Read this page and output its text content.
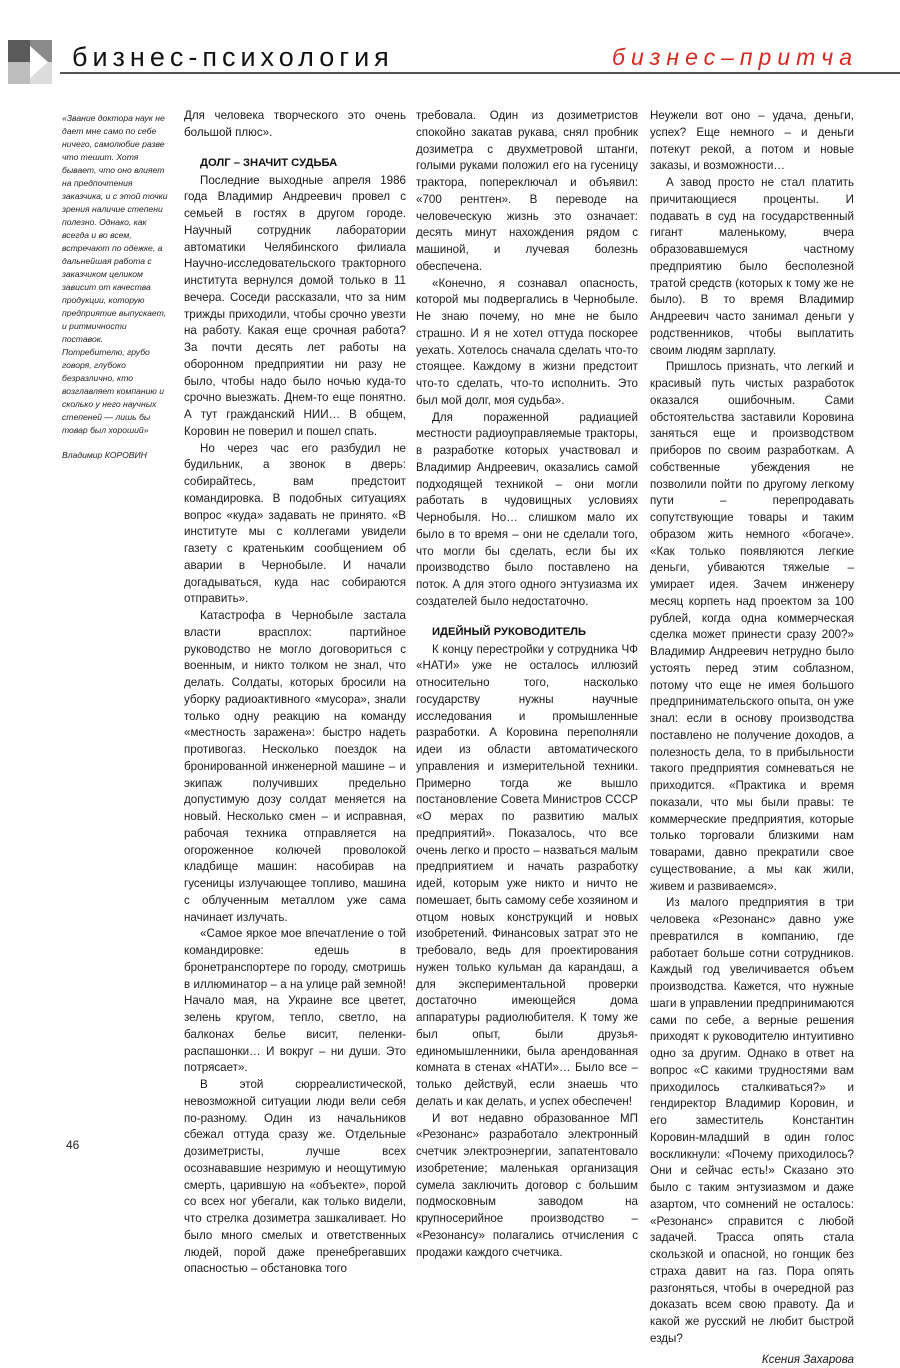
бизнес-психология	бизнес–притча
«Звание доктора наук не дает мне само по себе ничего, самолюбие разве что тешит. Хотя бывает, что оно влияет на предпочтения заказчика, и с этой точки зрения наличие степени полезно. Однако, как всегда и во всем, встречают по одежке, а дальнейшая работа с заказчиком целиком зависит от качества продукции, которую предприятие выпускает, и ритмичности поставок. Потребителю, грубо говоря, глубоко безразлично, кто возглавляет компанию и сколько у него научных степеней — лишь бы товар был хороший»
Владимир КОРОВИН

Для человека творческого это очень большой плюс».

ДОЛГ – ЗНАЧИТ СУДЬБА

Последние выходные апреля 1986 года Владимир Андреевич провел с семьей в гостях в другом городе. Научный сотрудник лаборатории автоматики Челябинского филиала Научно-исследовательского тракторного института вернулся домой только в 11 вечера. Соседи рассказали, что за ним трижды приходили, чтобы срочно увезти на работу. Какая еще срочная работа? За почти десять лет работы на оборонном предприятии ни разу не было, чтобы надо было ночью куда-то срочно выезжать. Днем-то еще понятно. А тут гражданский НИИ… В общем, Коровин не поверил и пошел спать.

Но через час его разбудил не будильник, а звонок в дверь: собирайтесь, вам предстоит командировка. В подобных ситуациях вопрос «куда» задавать не принято. «В институте мы с коллегами увидели газету с кратеньким сообщением об аварии в Чернобыле. И начали догадываться, куда нас собираются отправить».

Катастрофа в Чернобыле застала власти врасплох: партийное руководство не могло договориться с военным, и никто толком не знал, что делать. Солдаты, которых бросили на уборку радиоактивного «мусора», знали только одну реакцию на команду «местность заражена»: быстро надеть противогаз. Несколько поездок на бронированной инженерной машине – и экипаж получивших предельно допустимую дозу солдат меняется на новый. Несколько смен – и исправная, рабочая техника отправляется на огороженное колючей проволокой кладбище машин: насобирав на гусеницы излучающее топливо, машина с облученным металлом уже сама начинает излучать.

«Самое яркое мое впечатление о той командировке: едешь в бронетранспортере по городу, смотришь в иллюминатор – а на улице рай земной! Начало мая, на Украине все цветет, зелень кругом, тепло, светло, на балконах белье висит, пеленки-распашонки… И вокруг – ни души. Это потрясает».

В этой сюрреалистической, невозможной ситуации люди вели себя по-разному. Один из начальников сбежал оттуда сразу же. Отдельные дозиметристы, лучше всех осознававшие незримую и неощутимую смерть, царившую на «объекте», порой со всех ног убегали, как только видели, что стрелка дозиметра зашкаливает. Но было много смелых и ответственных людей, порой даже пренебрегавших опасностью – обстановка того

требовала. Один из дозиметристов спокойно закатав рукава, снял пробник дозиметра с двухметровой штанги, голыми руками положил его на гусеницу трактора, попереключал и объявил: «700 рентген». В переводе на человеческую жизнь это означает: десять минут нахождения рядом с машиной, и лучевая болезнь обеспечена.

«Конечно, я сознавал опасность, которой мы подвергались в Чернобыле. Не знаю почему, но мне не было страшно. И я не хотел оттуда поскорее уехать. Хотелось сначала сделать что-то стоящее. Каждому в жизни предстоит что-то сделать, что-то исполнить. Это был мой долг, моя судьба».

Для пораженной радиацией местности радиоуправляемые тракторы, в разработке которых участвовал и Владимир Андреевич, оказались самой подходящей техникой – они могли работать в чудовищных условиях Чернобыля. Но… слишком мало их было в то время – они не сделали того, что могли бы сделать, если бы их производство было поставлено на поток. А для этого одного энтузиазма их создателей было недостаточно.

ИДЕЙНЫЙ РУКОВОДИТЕЛЬ

К концу перестройки у сотрудника ЧФ «НАТИ» уже не осталось иллюзий относительно того, насколько государству нужны научные исследования и промышленные разработки. А Коровина переполняли идеи из области автоматического управления и измерительной техники. Примерно тогда же вышло постановление Совета Министров СССР «О мерах по развитию малых предприятий». Показалось, что все очень легко и просто – назваться малым предприятием и начать разработку идей, которым уже никто и ничто не помешает, быть самому себе хозяином и отцом новых конструкций и новых изобретений. Финансовых затрат это не требовало, ведь для проектирования нужен только кульман да карандаш, а для экспериментальной проверки достаточно имеющейся дома аппаратуры радиолюбителя. К тому же был опыт, были друзья-единомышленники, была арендованная комната в стенах «НАТИ»… Было все – только действуй, если знаешь что делать и как делать, и успех обеспечен!

И вот недавно образованное МП «Резонанс» разработало электронный счетчик электроэнергии, запатентовало изобретение; маленькая организация сумела заключить договор с большим подмосковным заводом на крупносерийное производство – «Резонансу» полагались отчисления с продажи каждого счетчика.

Неужели вот оно – удача, деньги, успех? Еще немного – и деньги потекут рекой, а потом и новые заказы, и возможности…

А завод просто не стал платить причитающиеся проценты. И подавать в суд на государственный гигант маленькому, вчера образовавшемуся частному предприятию было бесполезной тратой средств (которых к тому же не было). В то время Владимир Андреевич часто занимал деньги у родственников, чтобы выплатить своим людям зарплату.

Пришлось признать, что легкий и красивый путь чистых разработок оказался ошибочным. Сами обстоятельства заставили Коровина заняться еще и производством приборов по своим разработкам. А собственные убеждения не позволили пойти по другому легкому пути – перепродавать сопутствующие товары и таким образом жить немного «богаче». «Как только появляются легкие деньги, убиваются тяжелые – умирает идея. Зачем инженеру месяц корпеть над проектом за 100 рублей, когда одна коммерческая сделка может принести сразу 200?» Владимир Андреевич нетрудно было устоять перед этим соблазном, потому что еще не имея большого предпринимательского опыта, он уже знал: если в основу производства поставлено не получение доходов, а полезность дела, то в прибыльности такого предприятия сомневаться не приходится. «Практика и время показали, что мы были правы: те коммерческие предприятия, которые только торговали близкими нам товарами, давно прекратили свое существование, а мы как жили, живем и развиваемся».

Из малого предприятия в три человека «Резонанс» давно уже превратился в компанию, где работает больше сотни сотрудников. Каждый год увеличивается объем производства. Кажется, что нужные шаги в управлении предпринимаются сами по себе, а верные решения приходят к руководителю интуитивно одно за другим. Однако в ответ на вопрос «С какими трудностями вам приходилось сталкиваться?» и гендиректор Владимир Коровин, и его заместитель Константин Коровин-младший в один голос воскликнули: «Почему приходилось? Они и сейчас есть!» Сказано это было с таким энтузиазмом и даже азартом, что сомнений не осталось: «Резонанс» справится с любой задачей. Трасса опять стала скользкой и опасной, но гонщик без страха давит на газ. Пора опять разгоняться, чтобы в очередной раз доказать всем свою правоту. Да и какой же русский не любит быстрой езды?

Ксения Захарова
46
